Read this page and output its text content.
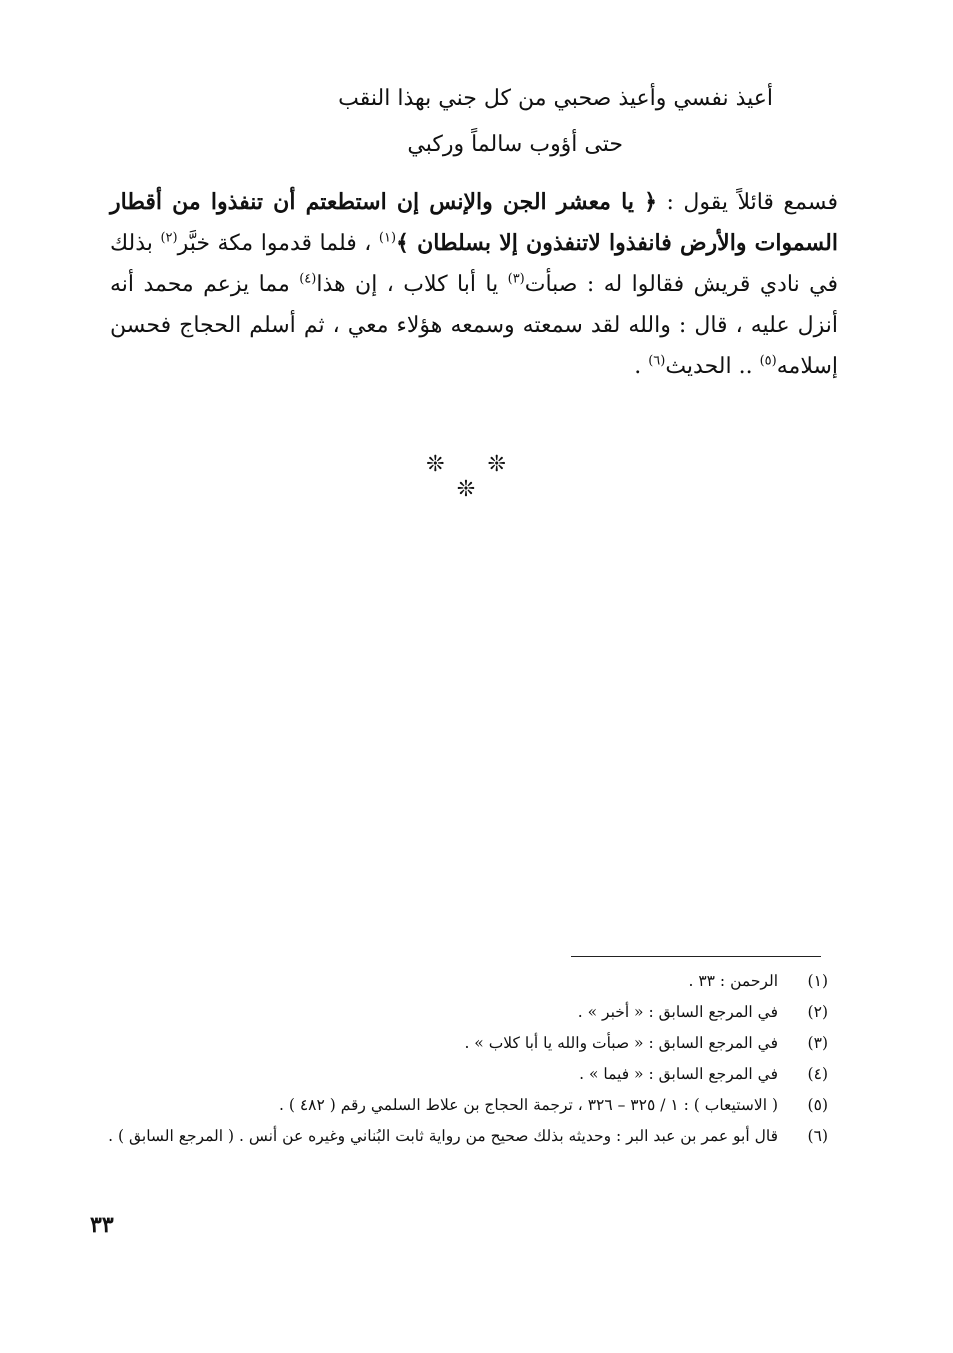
أعيذ نفسي وأعيذ صحبي من كل جني بهذا النقب
حتى أؤوب سالماً وركبي
فسمع قائلاً يقول : ﴿ يا معشر الجن والإنس إن استطعتم أن تنفذوا من أقطار السموات والأرض فانفذوا لاتنفذون إلا بسلطان ﴾$^{(١)}$ ، فلما قدموا مكة خبَّر$^{(٢)}$ بذلك في نادي قريش فقالوا له : صبأت$^{(٣)}$ يا أبا كلاب ، إن هذا$^{(٤)}$ مما يزعم محمد أنه أنزل عليه ، قال : والله لقد سمعته وسمعه هؤلاء معي ، ثم أسلم الحجاج فحسن إسلامه$^{(٥)}$ .. الحديث$^{(٦)}$ .
❊ ❊ ❊
(١)
الرحمن : ٣٣ .
(٢)
في المرجع السابق : « أخبر » .
(٣)
في المرجع السابق : « صبأت والله يا أبا كلاب » .
(٤)
في المرجع السابق : « فيما » .
(٥)
( الاستيعاب ) : ١ / ٣٢٥ – ٣٢٦ ، ترجمة الحجاج بن علاط السلمي رقم ( ٤٨٢ ) .
(٦)
قال أبو عمر بن عبد البر : وحديثه بذلك صحيح من رواية ثابت البُناني وغيره عن أنس . ( المرجع السابق ) .
٣٣
